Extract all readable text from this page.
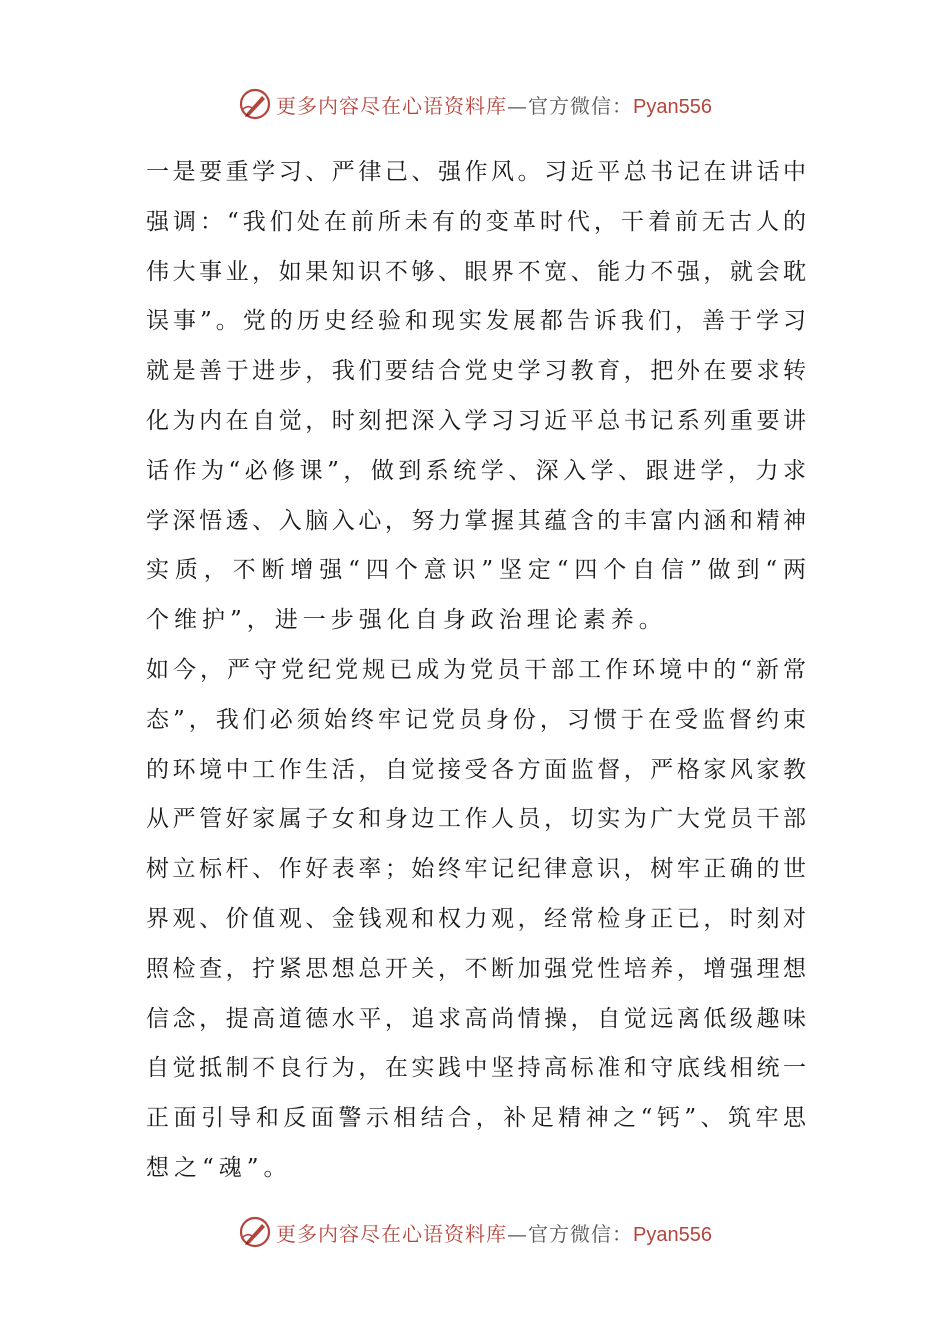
更多内容尽在心语资料库—官方微信：Pyan556
一是要重学习、严律己、强作风。习近平总书记在讲话中
强调：“我们处在前所未有的变革时代，干着前无古人的
伟大事业，如果知识不够、眼界不宽、能力不强，就会耽
误事”。党的历史经验和现实发展都告诉我们，善于学习
就是善于进步，我们要结合党史学习教育，把外在要求转
化为内在自觉，时刻把深入学习习近平总书记系列重要讲
话作为“必修课”，做到系统学、深入学、跟进学，力求
学深悟透、入脑入心，努力掌握其蕴含的丰富内涵和精神
实质，不断增强“四个意识”坚定“四个自信”做到“两
个维护”，进一步强化自身政治理论素养。
如今，严守党纪党规已成为党员干部工作环境中的“新常
态”，我们必须始终牢记党员身份，习惯于在受监督约束
的环境中工作生活，自觉接受各方面监督，严格家风家教
从严管好家属子女和身边工作人员，切实为广大党员干部
树立标杆、作好表率；始终牢记纪律意识，树牢正确的世
界观、价值观、金钱观和权力观，经常检身正已，时刻对
照检查，拧紧思想总开关，不断加强党性培养，增强理想
信念，提高道德水平，追求高尚情操，自觉远离低级趣味
自觉抵制不良行为，在实践中坚持高标准和守底线相统一
正面引导和反面警示相结合，补足精神之“钙”、筑牢思
想之“魂”。
更多内容尽在心语资料库—官方微信：Pyan556
